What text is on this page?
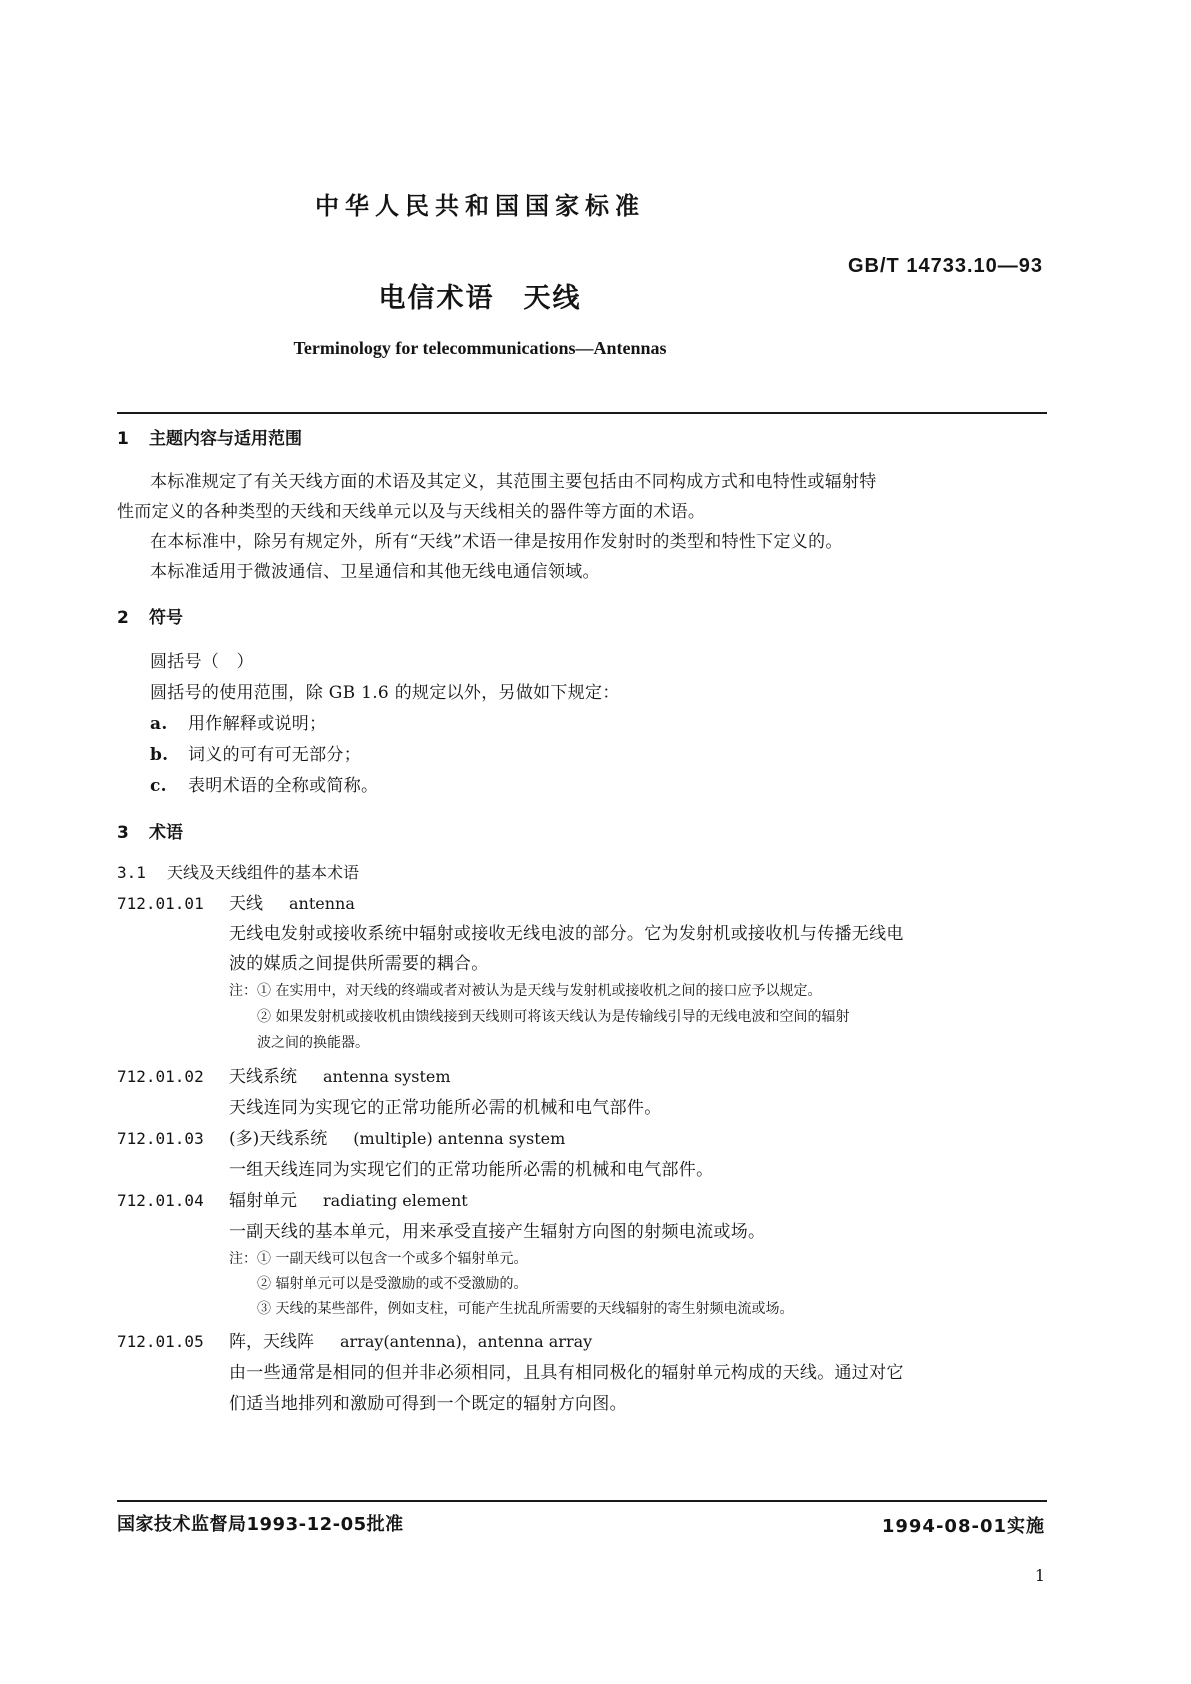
中华人民共和国国家标准
GB/T 14733.10—93
电信术语　天线
Terminology for telecommunications—Antennas
1 主题内容与适用范围
本标准规定了有关天线方面的术语及其定义，其范围主要包括由不同构成方式和电特性或辐射特
性而定义的各种类型的天线和天线单元以及与天线相关的器件等方面的术语。
在本标准中，除另有规定外，所有“天线”术语一律是按用作发射时的类型和特性下定义的。
本标准适用于微波通信、卫星通信和其他无线电通信领域。
2 符号
圆括号（　）
圆括号的使用范围，除 GB 1.6 的规定以外，另做如下规定：
a. 用作解释或说明；
b. 词义的可有可无部分；
c. 表明术语的全称或简称。
3 术语
3.1 天线及天线组件的基本术语
712.01.01 天线 antenna
无线电发射或接收系统中辐射或接收无线电波的部分。它为发射机或接收机与传播无线电
波的媒质之间提供所需要的耦合。
注：① 在实用中，对天线的终端或者对被认为是天线与发射机或接收机之间的接口应予以规定。
② 如果发射机或接收机由馈线接到天线则可将该天线认为是传输线引导的无线电波和空间的辐射
波之间的换能器。
712.01.02 天线系统 antenna system
天线连同为实现它的正常功能所必需的机械和电气部件。
712.01.03 (多)天线系统 (multiple) antenna system
一组天线连同为实现它们的正常功能所必需的机械和电气部件。
712.01.04 辐射单元 radiating element
一副天线的基本单元，用来承受直接产生辐射方向图的射频电流或场。
注：① 一副天线可以包含一个或多个辐射单元。
② 辐射单元可以是受激励的或不受激励的。
③ 天线的某些部件，例如支柱，可能产生扰乱所需要的天线辐射的寄生射频电流或场。
712.01.05 阵，天线阵 array(antenna)，antenna array
由一些通常是相同的但并非必须相同，且具有相同极化的辐射单元构成的天线。通过对它
们适当地排列和激励可得到一个既定的辐射方向图。
国家技术监督局1993-12-05批准	1994-08-01实施
1
